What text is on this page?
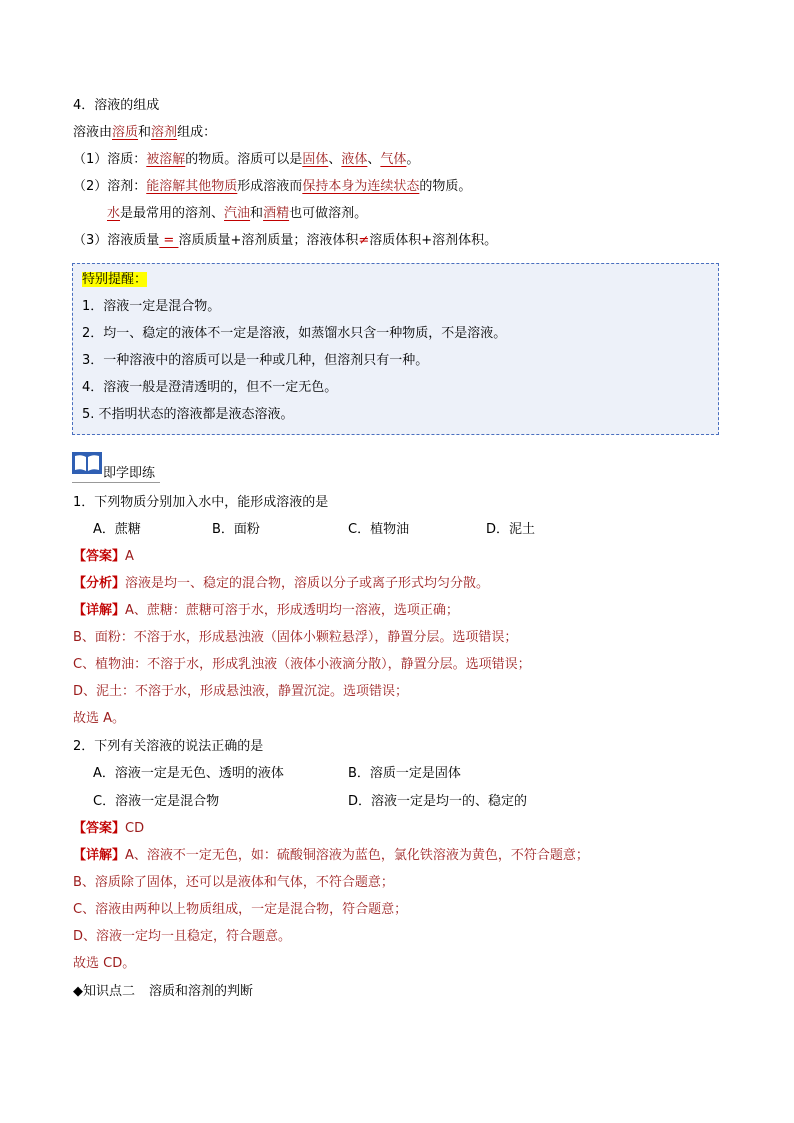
4．溶液的组成
溶液由溶质和溶剂组成：
（1）溶质：被溶解的物质。溶质可以是固体、液体、气体。
（2）溶剂：能溶解其他物质形成溶液而保持本身为连续状态的物质。
水是最常用的溶剂、汽油和酒精也可做溶剂。
（3）溶液质量 = 溶质质量+溶剂质量；溶液体积≠溶质体积+溶剂体积。
特别提醒：
1．溶液一定是混合物。
2．均一、稳定的液体不一定是溶液，如蒸馏水只含一种物质，不是溶液。
3．一种溶液中的溶质可以是一种或几种，但溶剂只有一种。
4．溶液一般是澄清透明的，但不一定无色。
5. 不指明状态的溶液都是液态溶液。
即学即练
1．下列物质分别加入水中，能形成溶液的是
A．蔗糖	B．面粉	C．植物油	D．泥土
【答案】A
【分析】溶液是均一、稳定的混合物，溶质以分子或离子形式均匀分散。
【详解】A、蔗糖：蔗糖可溶于水，形成透明均一溶液，选项正确；
B、面粉：不溶于水，形成悬浊液（固体小颗粒悬浮），静置分层。选项错误；
C、植物油：不溶于水，形成乳浊液（液体小液滴分散），静置分层。选项错误；
D、泥土：不溶于水，形成悬浊液，静置沉淀。选项错误；
故选 A。
2．下列有关溶液的说法正确的是
A．溶液一定是无色、透明的液体	B．溶质一定是固体
C．溶液一定是混合物	D．溶液一定是均一的、稳定的
【答案】CD
【详解】A、溶液不一定无色，如：硫酸铜溶液为蓝色，氯化铁溶液为黄色，不符合题意；
B、溶质除了固体，还可以是液体和气体，不符合题意；
C、溶液由两种以上物质组成，一定是混合物，符合题意；
D、溶液一定均一且稳定，符合题意。
故选 CD。
◆知识点二 溶质和溶剂的判断
